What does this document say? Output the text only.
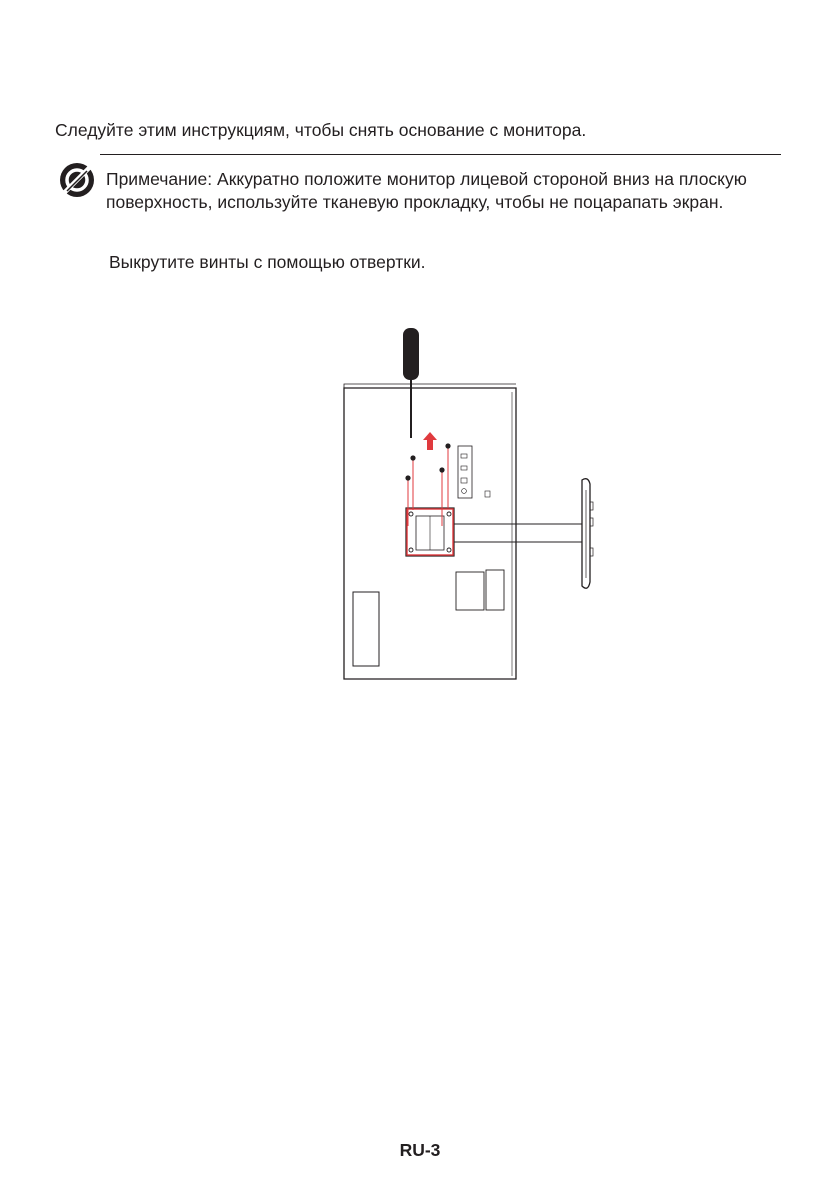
Следуйте этим инструкциям, чтобы снять основание с монитора.
Примечание: Аккуратно положите монитор лицевой стороной вниз на плоскую поверхность, используйте тканевую прокладку, чтобы не поцарапать экран.
Выкрутите винты с помощью отвертки.
RU-3
